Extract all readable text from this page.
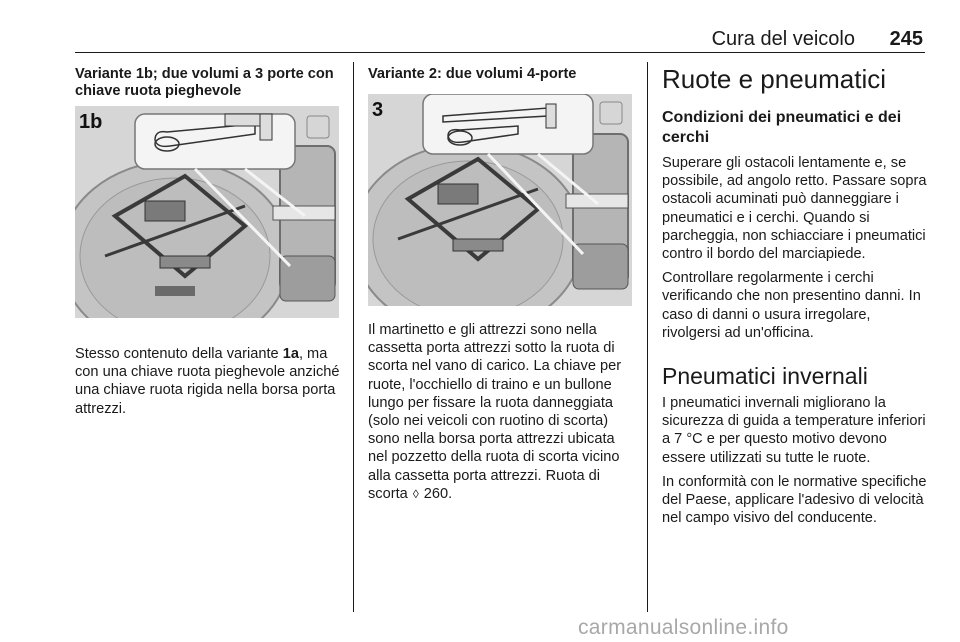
Cura del veicolo 245

Variante 1b; due volumi a 3 porte con chiave ruota pieghevole

1b

Stesso contenuto della variante 1a, ma con una chiave ruota pieghevole anziché una chiave ruota rigida nella borsa porta attrezzi.

Variante 2: due volumi 4-porte

3

Il martinetto e gli attrezzi sono nella cassetta porta attrezzi sotto la ruota di scorta nel vano di carico. La chiave per ruote, l'occhiello di traino e un bullone lungo per fissare la ruota danneggiata (solo nei veicoli con ruotino di scorta) sono nella borsa porta attrezzi ubicata nel pozzetto della ruota di scorta vicino alla cassetta porta attrezzi. Ruota di scorta ◊ 260.

Ruote e pneumatici

Condizioni dei pneumatici e dei cerchi

Superare gli ostacoli lentamente e, se possibile, ad angolo retto. Passare sopra ostacoli acuminati può danneggiare i pneumatici e i cerchi. Quando si parcheggia, non schiacciare i pneumatici contro il bordo del marciapiede.

Controllare regolarmente i cerchi verificando che non presentino danni. In caso di danni o usura irregolare, rivolgersi ad un'officina.

Pneumatici invernali

I pneumatici invernali migliorano la sicurezza di guida a temperature inferiori a 7 °C e per questo motivo devono essere utilizzati su tutte le ruote.

In conformità con le normative specifiche del Paese, applicare l'adesivo di velocità nel campo visivo del conducente.

carmanualsonline.info
